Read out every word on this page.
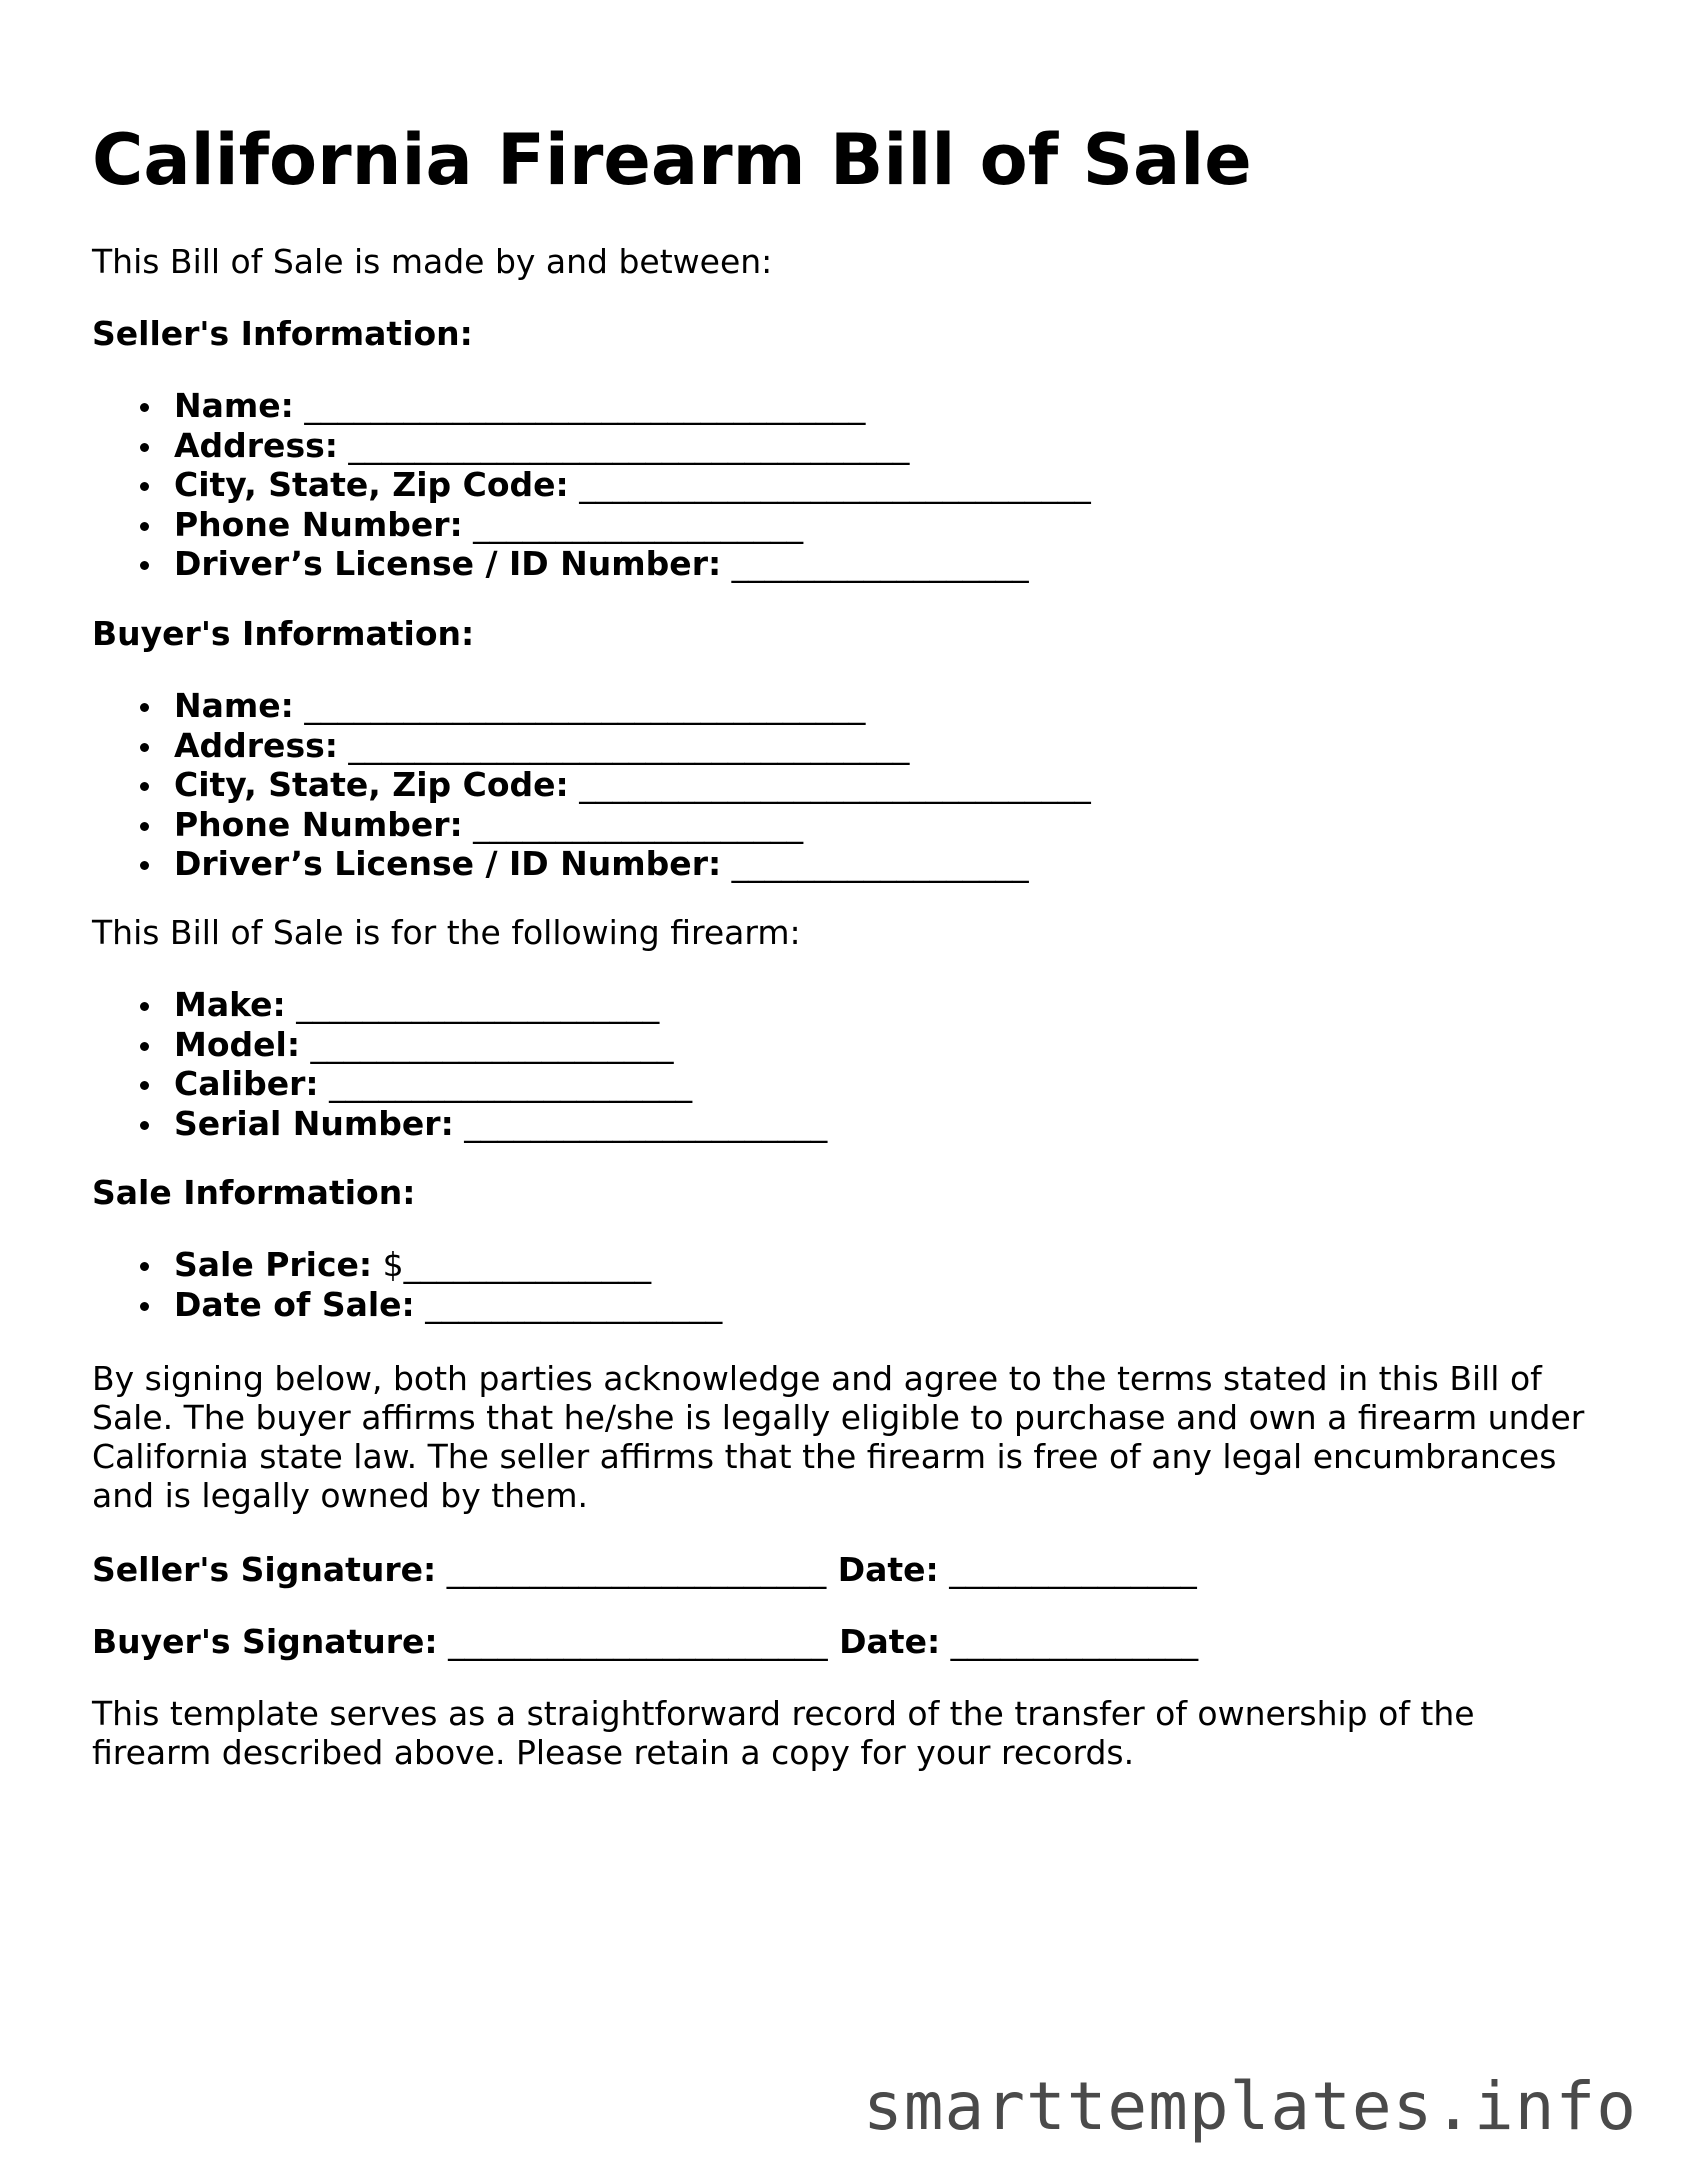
California Firearm Bill of Sale

This Bill of Sale is made by and between:

Seller's Information:

Name: __________________________________
Address: __________________________________
City, State, Zip Code: _______________________________
Phone Number: ____________________
Driver’s License / ID Number: __________________

Buyer's Information:

Name: __________________________________
Address: __________________________________
City, State, Zip Code: _______________________________
Phone Number: ____________________
Driver’s License / ID Number: __________________

This Bill of Sale is for the following firearm:

Make: ______________________
Model: ______________________
Caliber: ______________________
Serial Number: ______________________

Sale Information:

Sale Price: $_______________
Date of Sale: __________________

By signing below, both parties acknowledge and agree to the terms stated in this Bill of Sale. The buyer affirms that he/she is legally eligible to purchase and own a firearm under California state law. The seller affirms that the firearm is free of any legal encumbrances and is legally owned by them.

Seller's Signature: _______________________ Date: _______________

Buyer's Signature: _______________________ Date: _______________

This template serves as a straightforward record of the transfer of ownership of the firearm described above. Please retain a copy for your records.

smarttemplates.info
